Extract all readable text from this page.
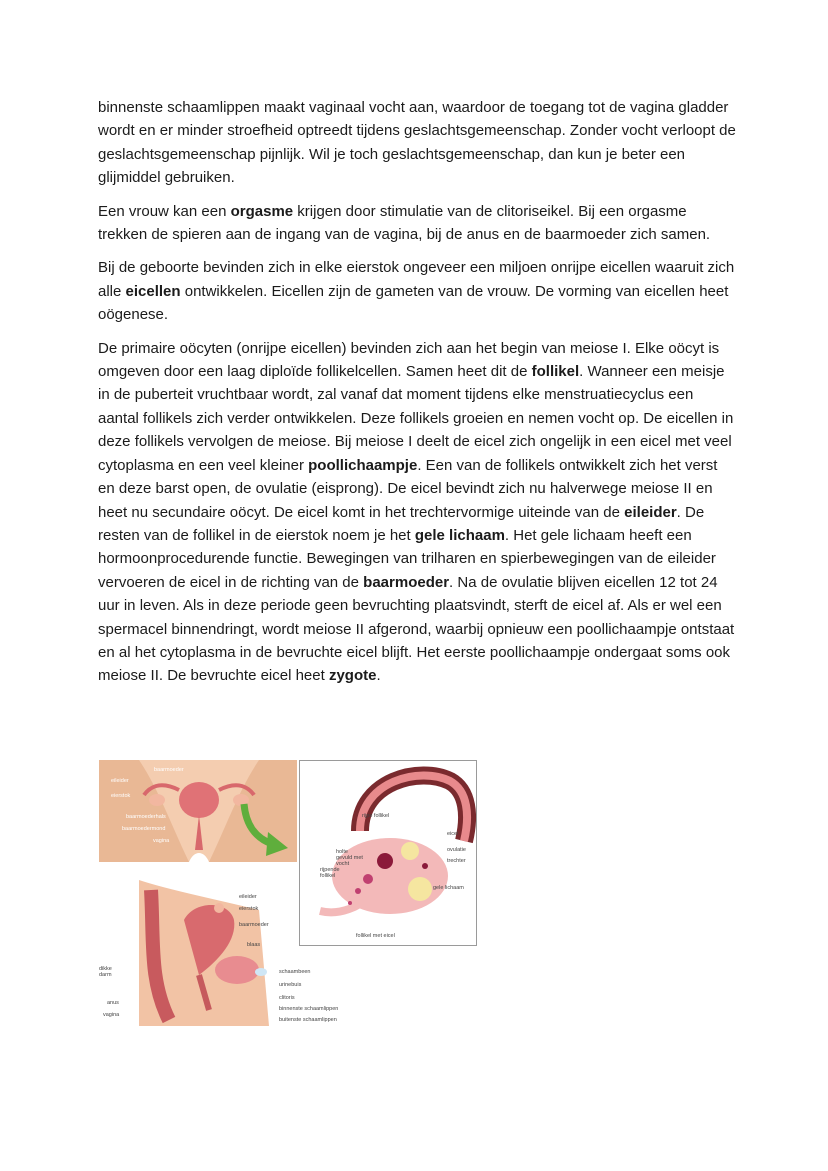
binnenste schaamlippen maakt vaginaal vocht aan, waardoor de toegang tot de vagina gladder wordt en er minder stroefheid optreedt tijdens geslachtsgemeenschap. Zonder vocht verloopt de geslachtsgemeenschap pijnlijk. Wil je toch geslachtsgemeenschap, dan kun je beter een glijmiddel gebruiken.

Een vrouw kan een orgasme krijgen door stimulatie van de clitoriseikel. Bij een orgasme trekken de spieren aan de ingang van de vagina, bij de anus en de baarmoeder zich samen.

Bij de geboorte bevinden zich in elke eierstok ongeveer een miljoen onrijpe eicellen waaruit zich alle eicellen ontwikkelen. Eicellen zijn de gameten van de vrouw. De vorming van eicellen heet oögenese.

De primaire oöcyten (onrijpe eicellen) bevinden zich aan het begin van meiose I. Elke oöcyt is omgeven door een laag diploïde follikelcellen. Samen heet dit de follikel. Wanneer een meisje in de puberteit vruchtbaar wordt, zal vanaf dat moment tijdens elke menstruatiecyclus een aantal follikels zich verder ontwikkelen. Deze follikels groeien en nemen vocht op. De eicellen in deze follikels vervolgen de meiose. Bij meiose I deelt de eicel zich ongelijk in een eicel met veel cytoplasma en een veel kleiner poollichaampje. Een van de follikels ontwikkelt zich het verst en deze barst open, de ovulatie (eisprong). De eicel bevindt zich nu halverwege meiose II en heet nu secundaire oöcyt. De eicel komt in het trechtervormige uiteinde van de eileider. De resten van de follikel in de eierstok noem je het gele lichaam. Het gele lichaam heeft een hormoonprocedurende functie. Bewegingen van trilharen en spierbewegingen van de eileider vervoeren de eicel in de richting van de baarmoeder. Na de ovulatie blijven eicellen 12 tot 24 uur in leven. Als in deze periode geen bevruchting plaatsvindt, sterft de eicel af. Als er wel een spermacel binnendringt, wordt meiose II afgerond, waarbij opnieuw een poollichaampje ontstaat en al het cytoplasma in de bevruchte eicel blijft. Het eerste poollichaampje ondergaat soms ook meiose II. De bevruchte eicel heet zygote.

baarmoeder
eileider
eierstok
baarmoederhals
baarmoedermond
vagina
rijpe follikel
eicel
ovulatie
trechter
holte gevuld met vocht
rijpende follikel
gele lichaam
follikel met eicel
eileider
eierstok
baarmoeder
blaas
dikke darm	schaambeen
urinebuis
anus
clitoris
vagina
binnenste schaamlippen
buitenste schaamlippen
